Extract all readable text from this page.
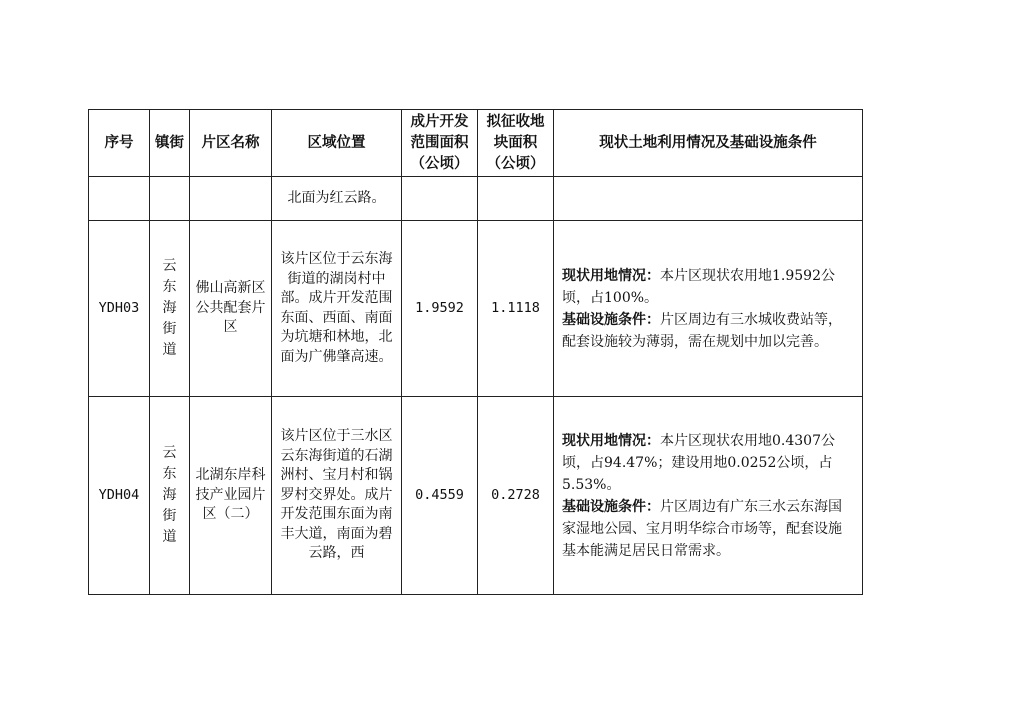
序号	镇街	片区名称	区域位置	成片开发范围面积（公顷）	拟征收地块面积（公顷）	现状土地利用情况及基础设施条件
			北面为红云路。			
YDH03	云东海街道	佛山高新区公共配套片区	该片区位于云东海街道的湖岗村中部。成片开发范围东面、西面、南面为坑塘和林地，北面为广佛肇高速。	1.9592	1.1118	现状用地情况：本片区现状农用地1.9592公顷，占100%。
基础设施条件：片区周边有三水城收费站等，配套设施较为薄弱，需在规划中加以完善。
YDH04	云东海街道	北湖东岸科技产业园片区（二）	该片区位于三水区云东海街道的石湖洲村、宝月村和锅罗村交界处。成片开发范围东面为南丰大道，南面为碧云路，西	0.4559	0.2728	现状用地情况：本片区现状农用地0.4307公顷，占94.47%；建设用地0.0252公顷，占5.53%。
基础设施条件：片区周边有广东三水云东海国家湿地公园、宝月明华综合市场等，配套设施基本能满足居民日常需求。
